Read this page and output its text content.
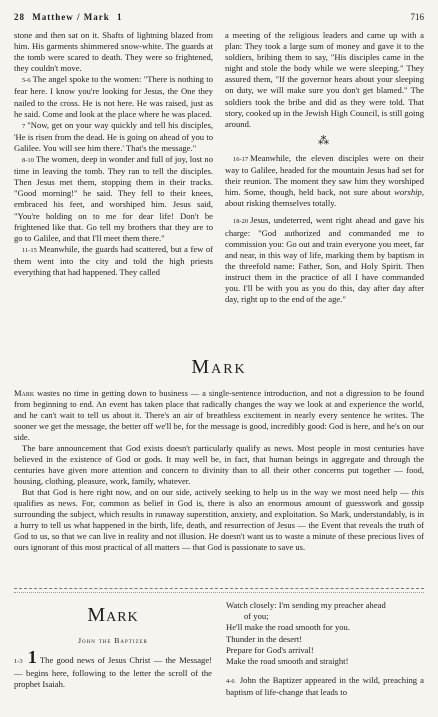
28 Matthew / Mark 1	716

stone and then sat on it. Shafts of lightning blazed from him. His garments shimmered snow-white. The guards at the tomb were scared to death. They were so frightened, they couldn't move.

5-6 The angel spoke to the women: "There is nothing to fear here. I know you're looking for Jesus, the One they nailed to the cross. He is not here. He was raised, just as he said. Come and look at the place where he was placed.

7 "Now, get on your way quickly and tell his disciples, 'He is risen from the dead. He is going on ahead of you to Galilee. You will see him there.' That's the message."

8-10 The women, deep in wonder and full of joy, lost no time in leaving the tomb. They ran to tell the disciples. Then Jesus met them, stopping them in their tracks. "Good morning!" he said. They fell to their knees, embraced his feet, and worshiped him. Jesus said, "You're holding on to me for dear life! Don't be frightened like that. Go tell my brothers that they are to go to Galilee, and that I'll meet them there."

11-15 Meanwhile, the guards had scattered, but a few of them went into the city and told the high priests everything that had happened. They called

a meeting of the religious leaders and came up with a plan: They took a large sum of money and gave it to the soldiers, bribing them to say, "His disciples came in the night and stole the body while we were sleeping." They assured them, "If the governor hears about your sleeping on duty, we will make sure you don't get blamed." The soldiers took the bribe and did as they were told. That story, cooked up in the Jewish High Council, is still going around.

⁂

16-17 Meanwhile, the eleven disciples were on their way to Galilee, headed for the mountain Jesus had set for their reunion. The moment they saw him they worshiped him. Some, though, held back, not sure about worship, about risking themselves totally.

18-20 Jesus, undeterred, went right ahead and gave his charge: "God authorized and commanded me to commission you: Go out and train everyone you meet, far and near, in this way of life, marking them by baptism in the threefold name: Father, Son, and Holy Spirit. Then instruct them in the practice of all I have commanded you. I'll be with you as you do this, day after day after day, right up to the end of the age."

Mark

Mark wastes no time in getting down to business — a single-sentence introduction, and not a digression to be found from beginning to end. An event has taken place that radically changes the way we look at and experience the world, and he can't wait to tell us about it. There's an air of breathless excitement in nearly every sentence he writes. The sooner we get the message, the better off we'll be, for the message is good, incredibly good: God is here, and he's on our side.

The bare announcement that God exists doesn't particularly qualify as news. Most people in most centuries have believed in the existence of God or gods. It may well be, in fact, that human beings in aggregate and through the centuries have given more attention and concern to divinity than to all their other concerns put together — food, housing, clothing, pleasure, work, family, whatever.

But that God is here right now, and on our side, actively seeking to help us in the way we most need help — this qualifies as news. For, common as belief in God is, there is also an enormous amount of guesswork and gossip surrounding the subject, which results in runaway superstition, anxiety, and exploitation. So Mark, understandably, is in a hurry to tell us what happened in the birth, life, death, and resurrection of Jesus — the Event that reveals the truth of God to us, so that we can live in reality and not illusion. He doesn't want us to waste a minute of these precious lives of ours ignorant of this most practical of all matters — that God is passionate to save us.

Mark
John the Baptizer

1-3 1 The good news of Jesus Christ — the Message! — begins here, following to the letter the scroll of the prophet Isaiah.

Watch closely: I'm sending my preacher ahead
of you;
He'll make the road smooth for you.
Thunder in the desert!
Prepare for God's arrival!
Make the road smooth and straight!

4-6 John the Baptizer appeared in the wild, preaching a baptism of life-change that leads to
